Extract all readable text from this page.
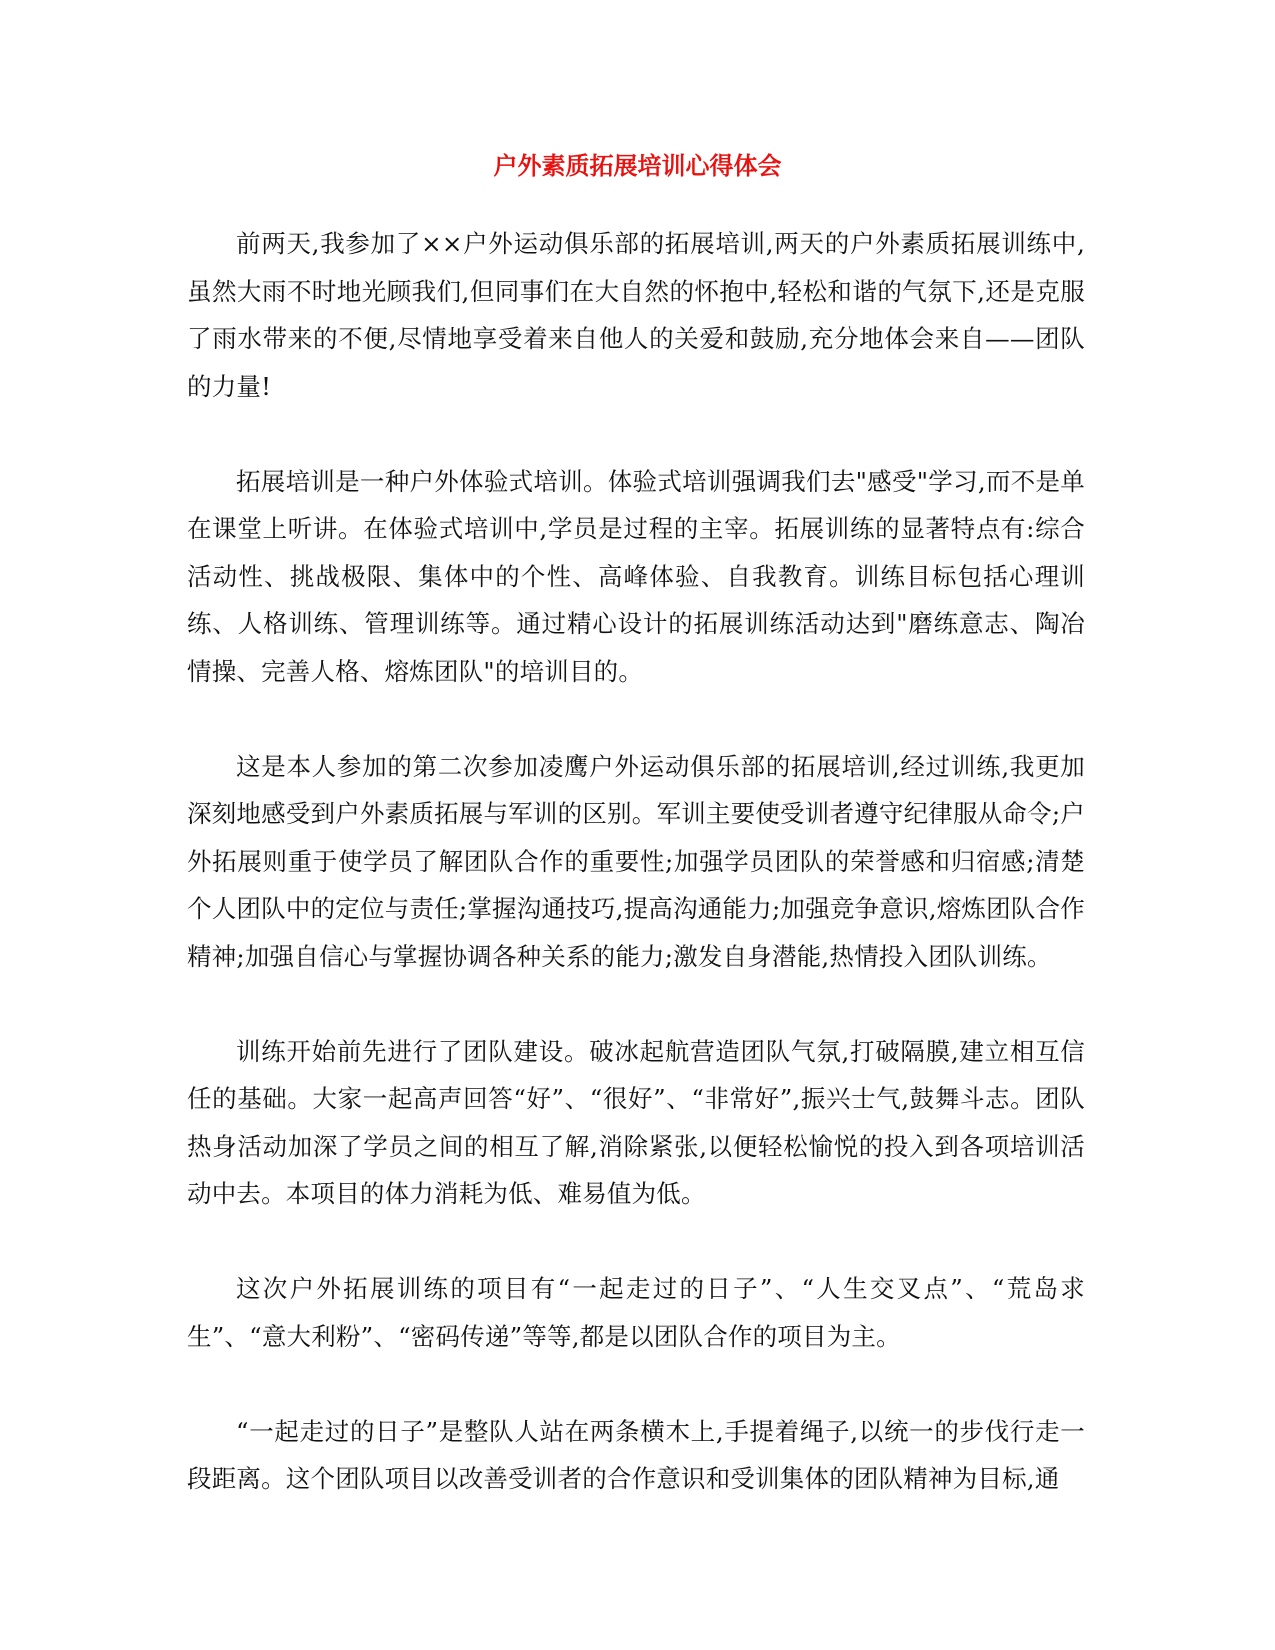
户外素质拓展培训心得体会

前两天,我参加了××户外运动俱乐部的拓展培训,两天的户外素质拓展训练中,虽然大雨不时地光顾我们,但同事们在大自然的怀抱中,轻松和谐的气氛下,还是克服了雨水带来的不便,尽情地享受着来自他人的关爱和鼓励,充分地体会来自——团队的力量!

拓展培训是一种户外体验式培训。体验式培训强调我们去"感受"学习,而不是单在课堂上听讲。在体验式培训中,学员是过程的主宰。拓展训练的显著特点有:综合活动性、挑战极限、集体中的个性、高峰体验、自我教育。训练目标包括心理训练、人格训练、管理训练等。通过精心设计的拓展训练活动达到"磨练意志、陶冶情操、完善人格、熔炼团队"的培训目的。

这是本人参加的第二次参加凌鹰户外运动俱乐部的拓展培训,经过训练,我更加深刻地感受到户外素质拓展与军训的区别。军训主要使受训者遵守纪律服从命令;户外拓展则重于使学员了解团队合作的重要性;加强学员团队的荣誉感和归宿感;清楚个人团队中的定位与责任;掌握沟通技巧,提高沟通能力;加强竞争意识,熔炼团队合作精神;加强自信心与掌握协调各种关系的能力;激发自身潜能,热情投入团队训练。

训练开始前先进行了团队建设。破冰起航营造团队气氛,打破隔膜,建立相互信任的基础。大家一起高声回答“好”、“很好”、“非常好”,振兴士气,鼓舞斗志。团队热身活动加深了学员之间的相互了解,消除紧张,以便轻松愉悦的投入到各项培训活动中去。本项目的体力消耗为低、难易值为低。

这次户外拓展训练的项目有“一起走过的日子”、“人生交叉点”、“荒岛求生”、“意大利粉”、“密码传递”等等,都是以团队合作的项目为主。

“一起走过的日子”是整队人站在两条横木上,手提着绳子,以统一的步伐行走一段距离。这个团队项目以改善受训者的合作意识和受训集体的团队精神为目标,通
